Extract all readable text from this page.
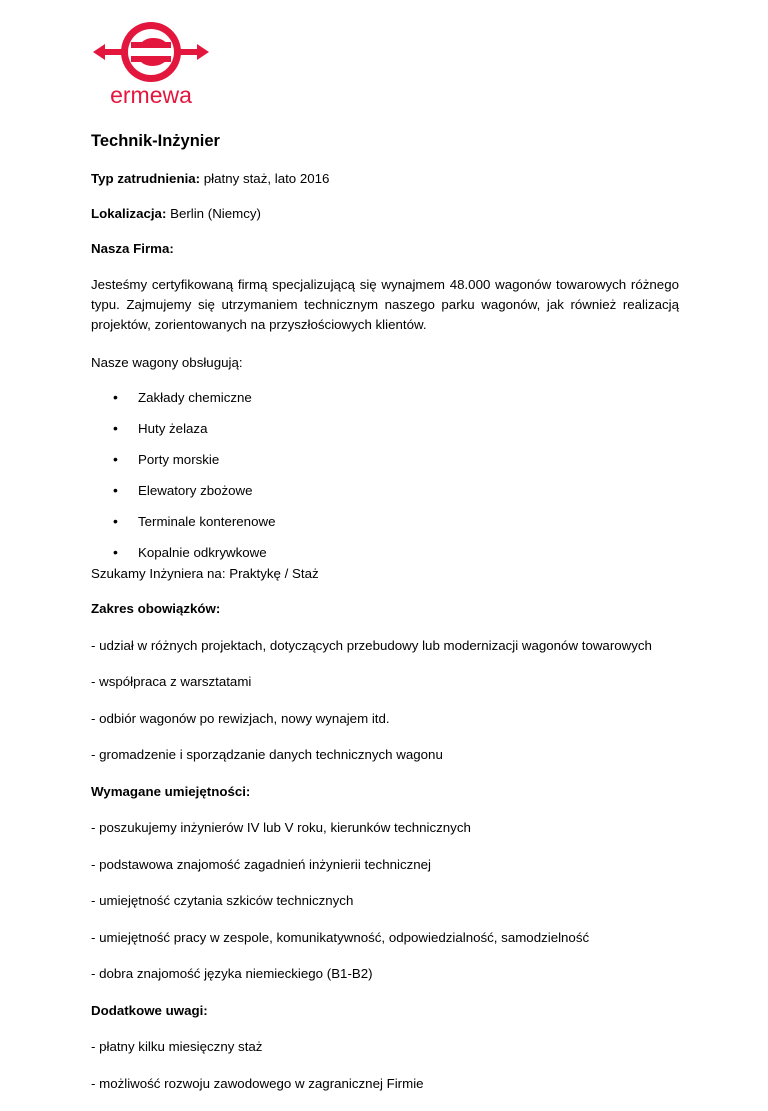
ermewa
Technik-Inżynier

Typ zatrudnienia: płatny staż, lato 2016

Lokalizacja: Berlin (Niemcy)

Nasza Firma:

Jesteśmy certyfikowaną firmą specjalizującą się wynajmem 48.000 wagonów towarowych różnego typu. Zajmujemy się utrzymaniem technicznym naszego parku wagonów, jak również realizacją projektów, zorientowanych na przyszłościowych klientów.

Nasze wagony obsługują:

• Zakłady chemiczne
• Huty żelaza
• Porty morskie
• Elewatory zbożowe
• Terminale konterenowe
• Kopalnie odkrywkowe

Szukamy Inżyniera na: Praktykę / Staż

Zakres obowiązków:

- udział w różnych projektach, dotyczących przebudowy lub modernizacji wagonów towarowych

- współpraca z warsztatami

- odbiór wagonów po rewizjach, nowy wynajem itd.

- gromadzenie i sporządzanie danych technicznych wagonu

Wymagane umiejętności:

- poszukujemy inżynierów IV lub V roku, kierunków technicznych

- podstawowa znajomość zagadnień inżynierii technicznej

- umiejętność czytania szkiców technicznych

- umiejętność pracy w zespole, komunikatywność, odpowiedzialność, samodzielność

- dobra znajomość języka niemieckiego (B1-B2)

Dodatkowe uwagi:

- płatny kilku miesięczny staż

- możliwość rozwoju zawodowego w zagranicznej Firmie
